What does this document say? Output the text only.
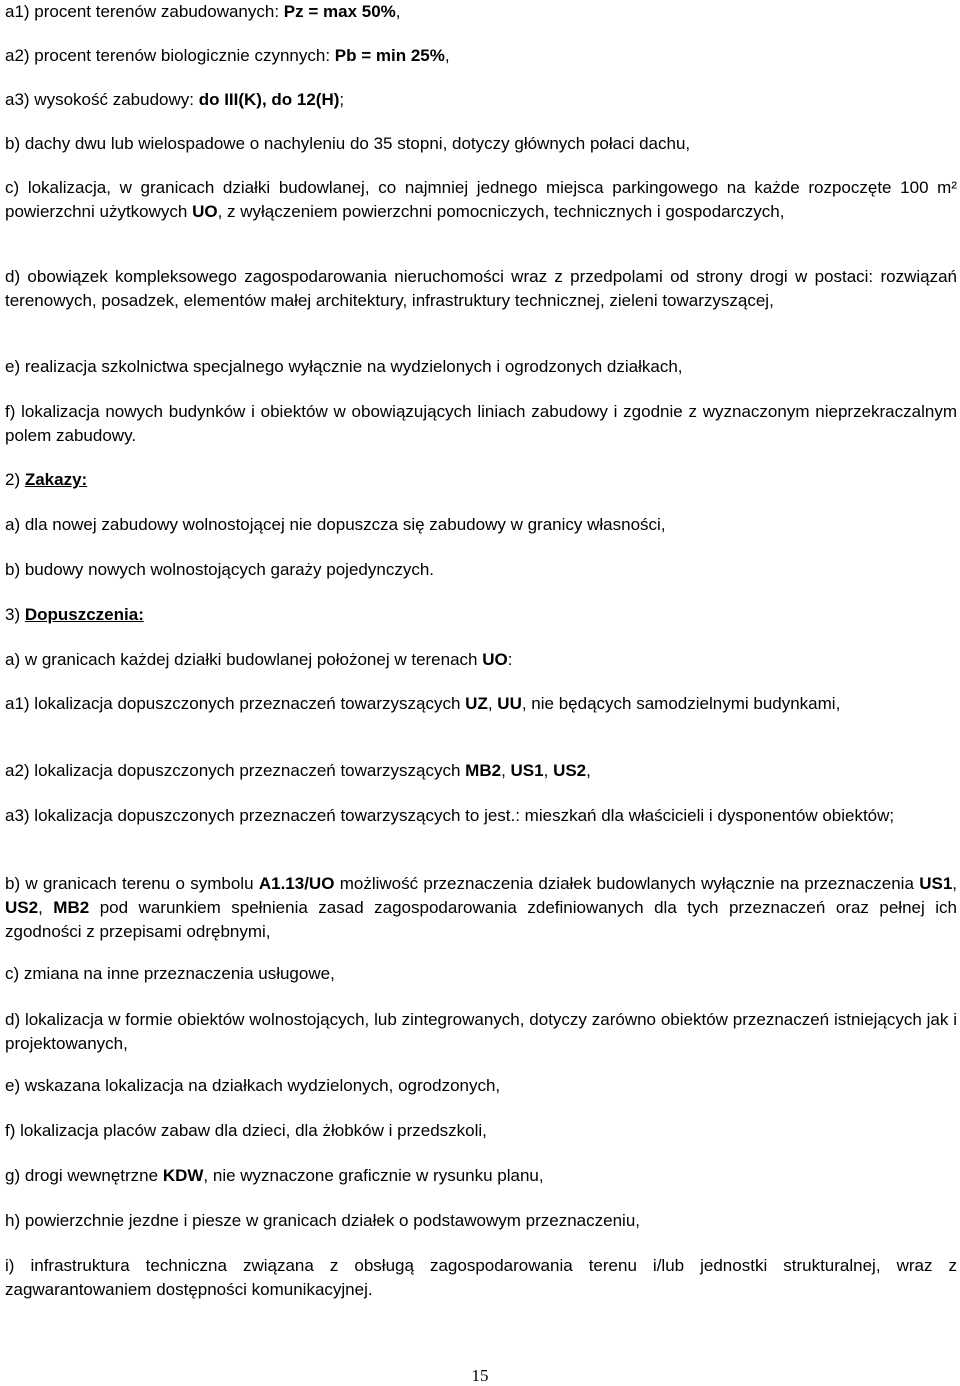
a1) procent terenów zabudowanych: Pz = max 50%,

a2) procent terenów biologicznie czynnych: Pb = min 25%,

a3) wysokość zabudowy: do III(K), do 12(H);

b) dachy dwu lub wielospadowe o nachyleniu do 35 stopni, dotyczy głównych połaci dachu,

c) lokalizacja, w granicach działki budowlanej, co najmniej jednego miejsca parkingowego na każde rozpoczęte 100 m² powierzchni użytkowych UO, z wyłączeniem powierzchni pomocniczych, technicznych i gospodarczych,

d) obowiązek kompleksowego zagospodarowania nieruchomości wraz z przedpolami od strony drogi w postaci: rozwiązań terenowych, posadzek, elementów małej architektury, infrastruktury technicznej, zieleni towarzyszącej,

e) realizacja szkolnictwa specjalnego wyłącznie na wydzielonych i ogrodzonych działkach,

f) lokalizacja nowych budynków i obiektów w obowiązujących liniach zabudowy i zgodnie z wyznaczonym nieprzekraczalnym polem zabudowy.

2) Zakazy:

a) dla nowej zabudowy wolnostojącej nie dopuszcza się zabudowy w granicy własności,

b) budowy nowych wolnostojących garaży pojedynczych.

3) Dopuszczenia:

a) w granicach każdej działki budowlanej położonej w terenach UO:

a1) lokalizacja dopuszczonych przeznaczeń towarzyszących UZ, UU, nie będących samodzielnymi budynkami,

a2) lokalizacja dopuszczonych przeznaczeń towarzyszących MB2, US1, US2,

a3) lokalizacja dopuszczonych przeznaczeń towarzyszących to jest.: mieszkań dla właścicieli i dysponentów obiektów;

b) w granicach terenu o symbolu A1.13/UO możliwość przeznaczenia działek budowlanych wyłącznie na przeznaczenia US1, US2, MB2 pod warunkiem spełnienia zasad zagospodarowania zdefiniowanych dla tych przeznaczeń oraz pełnej ich zgodności z przepisami odrębnymi,

c) zmiana na inne przeznaczenia usługowe,

d) lokalizacja w formie obiektów wolnostojących, lub zintegrowanych, dotyczy zarówno obiektów przeznaczeń istniejących jak i projektowanych,

e) wskazana lokalizacja na działkach wydzielonych, ogrodzonych,

f) lokalizacja placów zabaw dla dzieci, dla żłobków i przedszkoli,

g) drogi wewnętrzne KDW, nie wyznaczone graficznie w rysunku planu,

h) powierzchnie jezdne i piesze w granicach działek o podstawowym przeznaczeniu,

i) infrastruktura techniczna związana z obsługą zagospodarowania terenu i/lub jednostki strukturalnej, wraz z zagwarantowaniem dostępności komunikacyjnej.

15
